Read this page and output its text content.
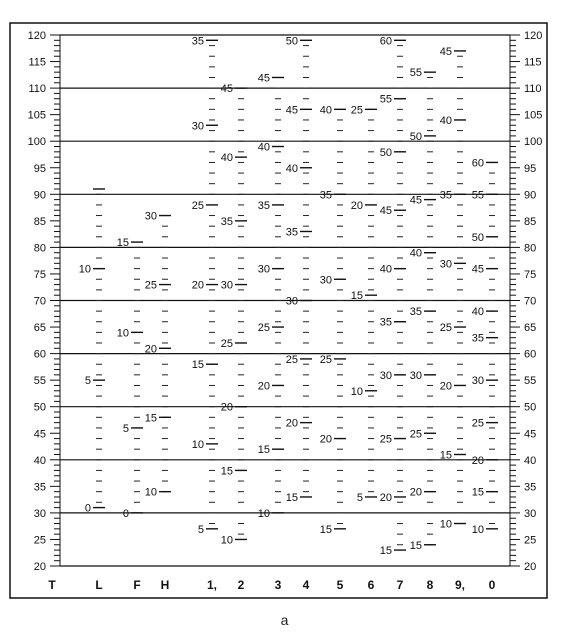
120
115
110
105
100
95
90
85
80
75
70
65
60
55
50
45
40
35
30
25
20
120
115
110
105
100
95
90
85
80
75
70
65
60
55
50
45
40
35
30
25
20
10
5
0
15
10
5
0
30
25
20
15
10
35
30
25
20
15
10
5
45
40
35
30
25
20
15
10
45
40
35
30
25
20
15
10
50
45
40
35
30
25
20
15
40
35
30
25
20
15
25
20
15
10
5
60
55
50
45
40
35
30
25
20
15
55
50
45
40
35
30
25
20
15
45
40
35
30
25
20
15
10
60
55
50
45
40
35
30
25
20
15
10
T	L	F H	1, 2	3 4 5 6 7 8 9, 0
a
